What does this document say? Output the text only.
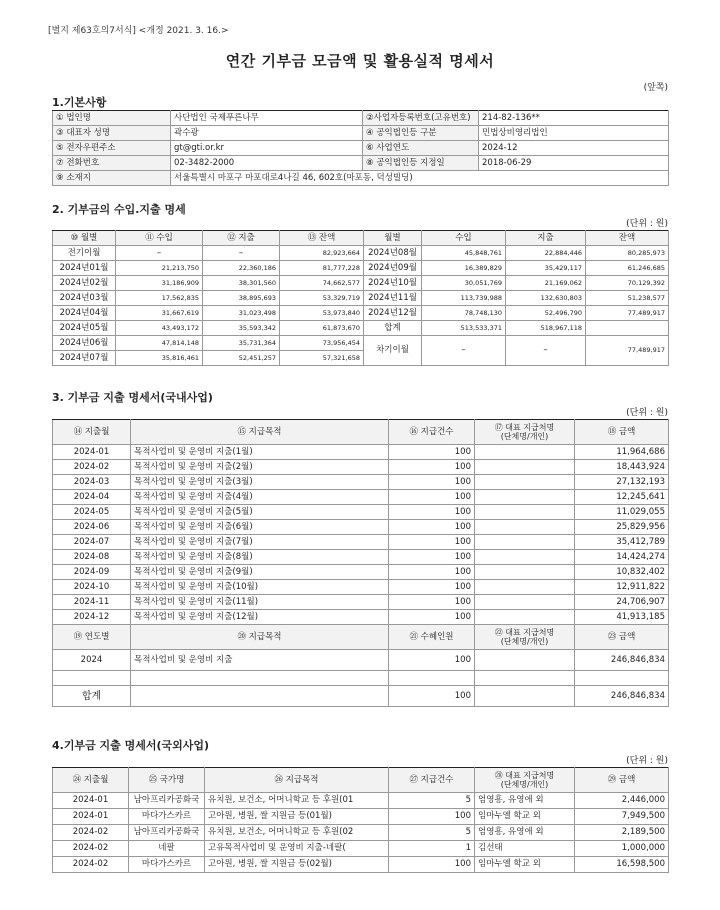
[별지 제63호의7서식] <개정 2021. 3. 16.>
연간 기부금 모금액 및 활용실적 명세서
(앞쪽)
1.기본사항
① 법인명	사단법인 국제푸른나무	②사업자등록번호(고유번호)	214-82-136**
③ 대표자 성명	곽수광	④ 공익법인등 구분	민법상비영리법인
⑤ 전자우편주소	gt@gti.or.kr	⑥ 사업연도	2024-12
⑦ 전화번호	02-3482-2000	⑧ 공익법인등 지정일	2018-06-29
⑨ 소재지	서울특별시 마포구 마포대로4나길 46, 602호(마포동, 덕성빌딩)		
2. 기부금의 수입.지출 명세
(단위 : 원)
⑩ 월별	⑪ 수입	⑫ 지출	⑬ 잔액	월별	수입	지출	잔액
전기이월	–	–	82,923,664	2024년08월	45,848,761	22,884,446	80,285,973
2024년01월	21,213,750	22,360,186	81,777,228	2024년09월	16,389,829	35,429,117	61,246,685
2024년02월	31,186,909	38,301,560	74,662,577	2024년10월	30,051,769	21,169,062	70,129,392
2024년03월	17,562,835	38,895,693	53,329,719	2024년11월	113,739,988	132,630,803	51,238,577
2024년04월	31,667,619	31,023,498	53,973,840	2024년12월	78,748,130	52,496,790	77,489,917
2024년05월	43,493,172	35,593,342	61,873,670	합계	513,533,371	518,967,118	
2024년06월	47,814,148	35,731,364	73,956,454	차기이월	–	–	77,489,917
2024년07월	35,816,461	52,451,257	57,321,658				
3. 기부금 지출 명세서(국내사업)
(단위 : 원)
⑭ 지출월	⑮ 지급목적	⑯ 지급건수	⑰ 대표 지급처명
(단체명/개인)	⑱ 금액
2024-01	목적사업비 및 운영비 지출(1월)	100		11,964,686
2024-02	목적사업비 및 운영비 지출(2월)	100		18,443,924
2024-03	목적사업비 및 운영비 지출(3월)	100		27,132,193
2024-04	목적사업비 및 운영비 지출(4월)	100		12,245,641
2024-05	목적사업비 및 운영비 지출(5월)	100		11,029,055
2024-06	목적사업비 및 운영비 지출(6월)	100		25,829,956
2024-07	목적사업비 및 운영비 지출(7월)	100		35,412,789
2024-08	목적사업비 및 운영비 지출(8월)	100		14,424,274
2024-09	목적사업비 및 운영비 지출(9월)	100		10,832,402
2024-10	목적사업비 및 운영비 지출(10월)	100		12,911,822
2024-11	목적사업비 및 운영비 지출(11월)	100		24,706,907
2024-12	목적사업비 및 운영비 지출(12월)	100		41,913,185
⑲ 연도별	⑳ 지급목적	㉑ 수혜인원	㉒ 대표 지급처명
(단체명/개인)	㉓ 금액
2024	목적사업비 및 운영비 지출	100		246,846,834

합계		100		246,846,834
4.기부금 지출 명세서(국외사업)
(단위 : 원)
㉔ 지출월	㉕ 국가명	㉖ 지급목적	㉗ 지급건수	㉘ 대표 지급처명
(단체명/개인)	㉙ 금액
2024-01	남아프리카공화국	유치원, 보건소, 어머니학교 등 후원(01	5	엄영흥, 유영애 외	2,446,000
2024-01	마다가스카르	고아원, 병원, 쌀 지원금 등(01월)	100	임마누엘 학교 외	7,949,500
2024-02	남아프리카공화국	유치원, 보건소, 어머니학교 등 후원(02	5	엄영흥, 유영애 외	2,189,500
2024-02	네팔	고유목적사업비 및 운영비 지출-네팔(	1	김선태	1,000,000
2024-02	마다가스카르	고아원, 병원, 쌀 지원금 등(02월)	100	임마누엘 학교 외	16,598,500
